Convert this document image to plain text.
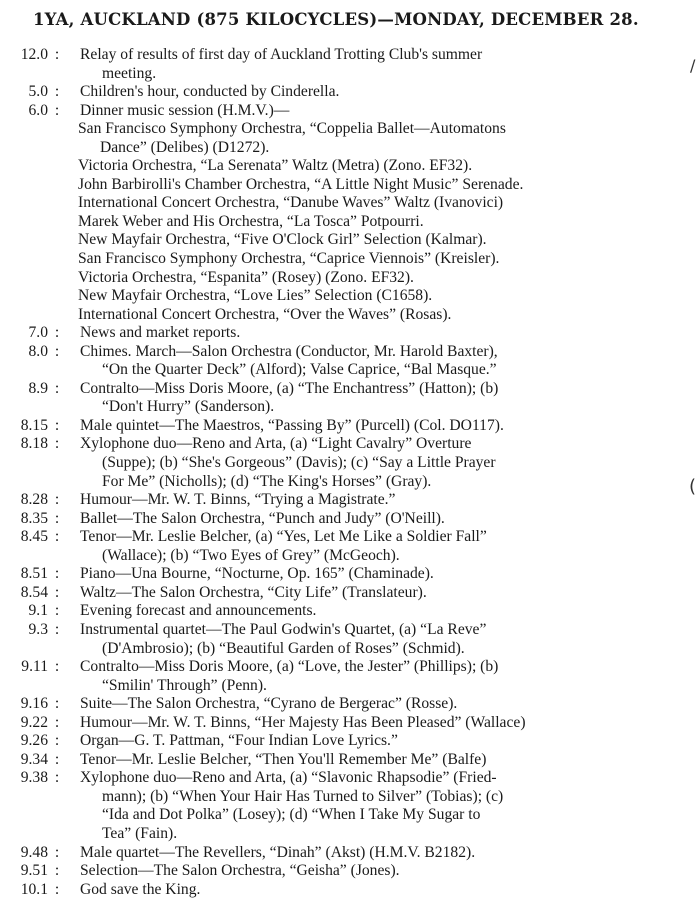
1YA, AUCKLAND (875 KILOCYCLES)—MONDAY, DECEMBER 28.
12.0 : Relay of results of first day of Auckland Trotting Club's summer
meeting.
5.0 : Children's hour, conducted by Cinderella.
6.0 : Dinner music session (H.M.V.)—
San Francisco Symphony Orchestra, “Coppelia Ballet—Automatons
Dance” (Delibes) (D1272).
Victoria Orchestra, “La Serenata” Waltz (Metra) (Zono. EF32).
John Barbirolli's Chamber Orchestra, “A Little Night Music” Serenade.
International Concert Orchestra, “Danube Waves” Waltz (Ivanovici)
Marek Weber and His Orchestra, “La Tosca” Potpourri.
New Mayfair Orchestra, “Five O'Clock Girl” Selection (Kalmar).
San Francisco Symphony Orchestra, “Caprice Viennois” (Kreisler).
Victoria Orchestra, “Espanita” (Rosey) (Zono. EF32).
New Mayfair Orchestra, “Love Lies” Selection (C1658).
International Concert Orchestra, “Over the Waves” (Rosas).
7.0 : News and market reports.
8.0 : Chimes. March—Salon Orchestra (Conductor, Mr. Harold Baxter),
“On the Quarter Deck” (Alford); Valse Caprice, “Bal Masque.”
8.9 : Contralto—Miss Doris Moore, (a) “The Enchantress” (Hatton); (b)
“Don't Hurry” (Sanderson).
8.15 : Male quintet—The Maestros, “Passing By” (Purcell) (Col. DO117).
8.18 : Xylophone duo—Reno and Arta, (a) “Light Cavalry” Overture
(Suppe); (b) “She's Gorgeous” (Davis); (c) “Say a Little Prayer
For Me” (Nicholls); (d) “The King's Horses” (Gray).
8.28 : Humour—Mr. W. T. Binns, “Trying a Magistrate.”
8.35 : Ballet—The Salon Orchestra, “Punch and Judy” (O'Neill).
8.45 : Tenor—Mr. Leslie Belcher, (a) “Yes, Let Me Like a Soldier Fall”
(Wallace); (b) “Two Eyes of Grey” (McGeoch).
8.51 : Piano—Una Bourne, “Nocturne, Op. 165” (Chaminade).
8.54 : Waltz—The Salon Orchestra, “City Life” (Translateur).
9.1 : Evening forecast and announcements.
9.3 : Instrumental quartet—The Paul Godwin's Quartet, (a) “La Reve”
(D'Ambrosio); (b) “Beautiful Garden of Roses” (Schmid).
9.11 : Contralto—Miss Doris Moore, (a) “Love, the Jester” (Phillips); (b)
“Smilin' Through” (Penn).
9.16 : Suite—The Salon Orchestra, “Cyrano de Bergerac” (Rosse).
9.22 : Humour—Mr. W. T. Binns, “Her Majesty Has Been Pleased” (Wallace)
9.26 : Organ—G. T. Pattman, “Four Indian Love Lyrics.”
9.34 : Tenor—Mr. Leslie Belcher, “Then You'll Remember Me” (Balfe)
9.38 : Xylophone duo—Reno and Arta, (a) “Slavonic Rhapsodie” (Fried-
mann); (b) “When Your Hair Has Turned to Silver” (Tobias); (c)
“Ida and Dot Polka” (Losey); (d) “When I Take My Sugar to
Tea” (Fain).
9.48 : Male quartet—The Revellers, “Dinah” (Akst) (H.M.V. B2182).
9.51 : Selection—The Salon Orchestra, “Geisha” (Jones).
10.1 : God save the King.
/
(
